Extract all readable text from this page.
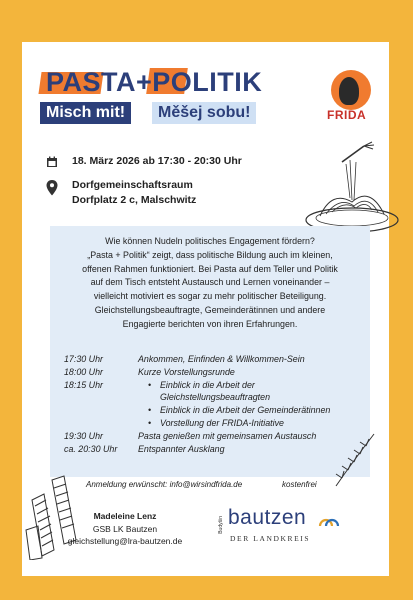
PASTA+POLITIK
Misch mit!	Měšej sobu!	FRIDA
18. März 2026 ab 17:30 - 20:30 Uhr
Dorfgemeinschaftsraum
Dorfplatz 2 c, Malschwitz
Wie können Nudeln politisches Engagement fördern?
„Pasta + Politik“ zeigt, dass politische Bildung auch im kleinen,
offenen Rahmen funktioniert. Bei Pasta auf dem Teller und Politik
auf dem Tisch entsteht Austausch und Lernen voneinander –
vielleicht motiviert es sogar zu mehr politischer Beteiligung.
Gleichstellungsbeauftragte, Gemeinderätinnen und andere
Engagierte berichten von ihren Erfahrungen.
17:30 Uhr	Ankommen, Einfinden & Willkommen-Sein
18:00 Uhr	Kurze Vorstellungsrunde
18:15 Uhr	• Einblick in die Arbeit der
Gleichstellungsbeauftragten
• Einblick in die Arbeit der Gemeinderätinnen
• Vorstellung der FRIDA-Initiative
19:30 Uhr	Pasta genießen mit gemeinsamen Austausch
ca. 20:30 Uhr Entspannter Ausklang
Anmeldung erwünscht: info@wirsindfrida.de	kostenfrei
Madeleine Lenz
GSB LK Bautzen
gleichstellung@lra-bautzen.de
Budyšin bautzen
DER LANDKREIS
